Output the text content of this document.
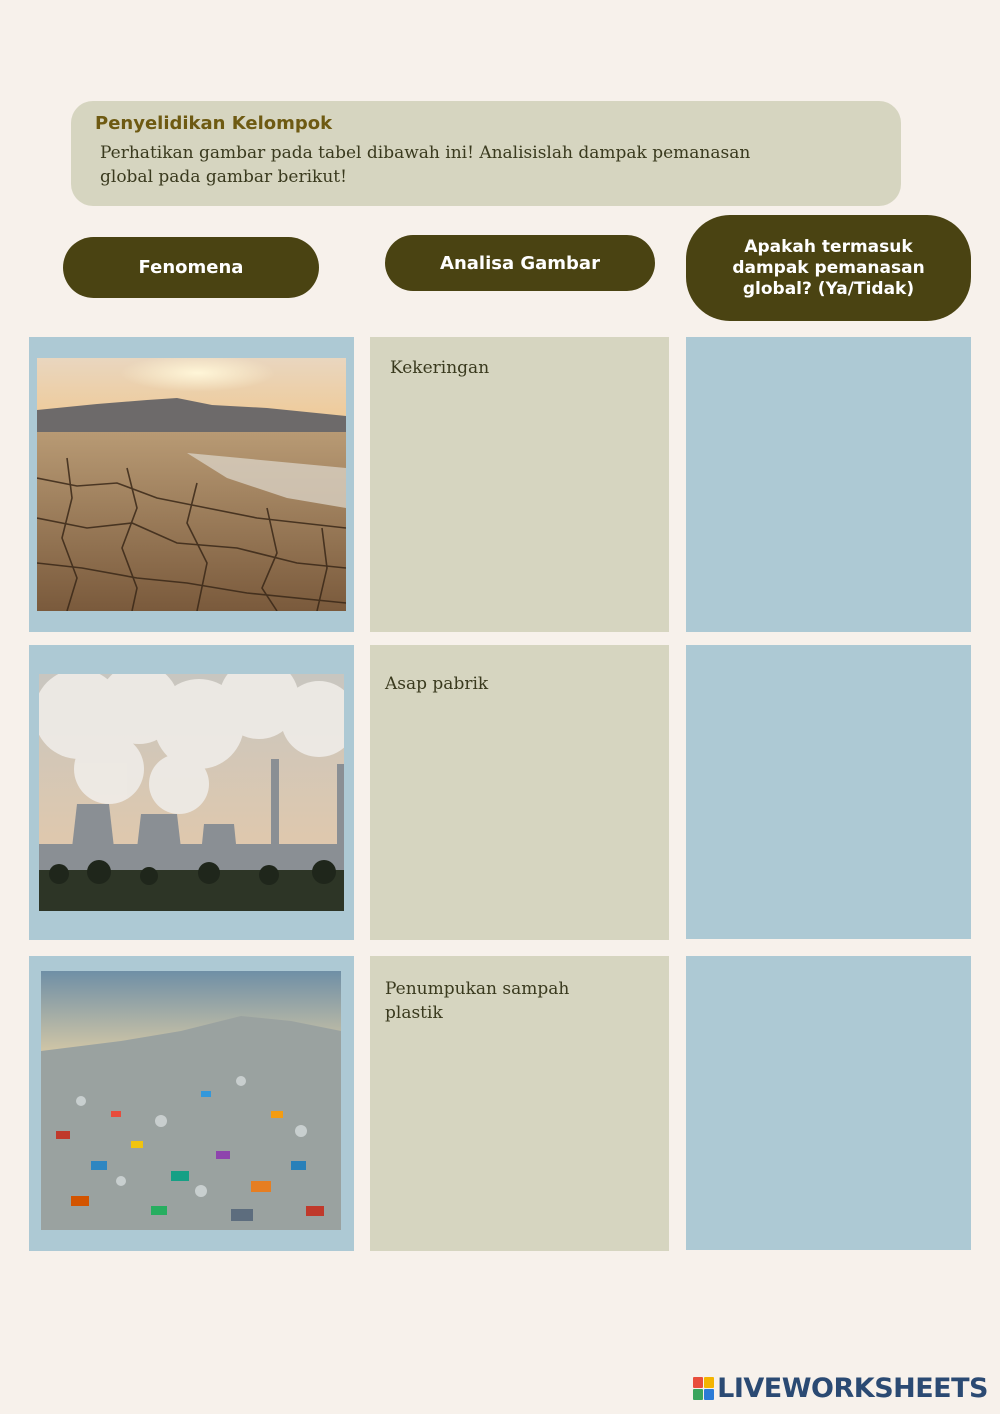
Penyelidikan Kelompok
Perhatikan gambar pada tabel dibawah ini! Analisislah dampak pemanasan global pada gambar berikut!
Fenomena	Analisa Gambar
Apakah termasuk dampak pemanasan global? (Ya/Tidak)
Kekeringan
Asap pabrik
Penumpukan sampah plastik
LIVEWORKSHEETS
